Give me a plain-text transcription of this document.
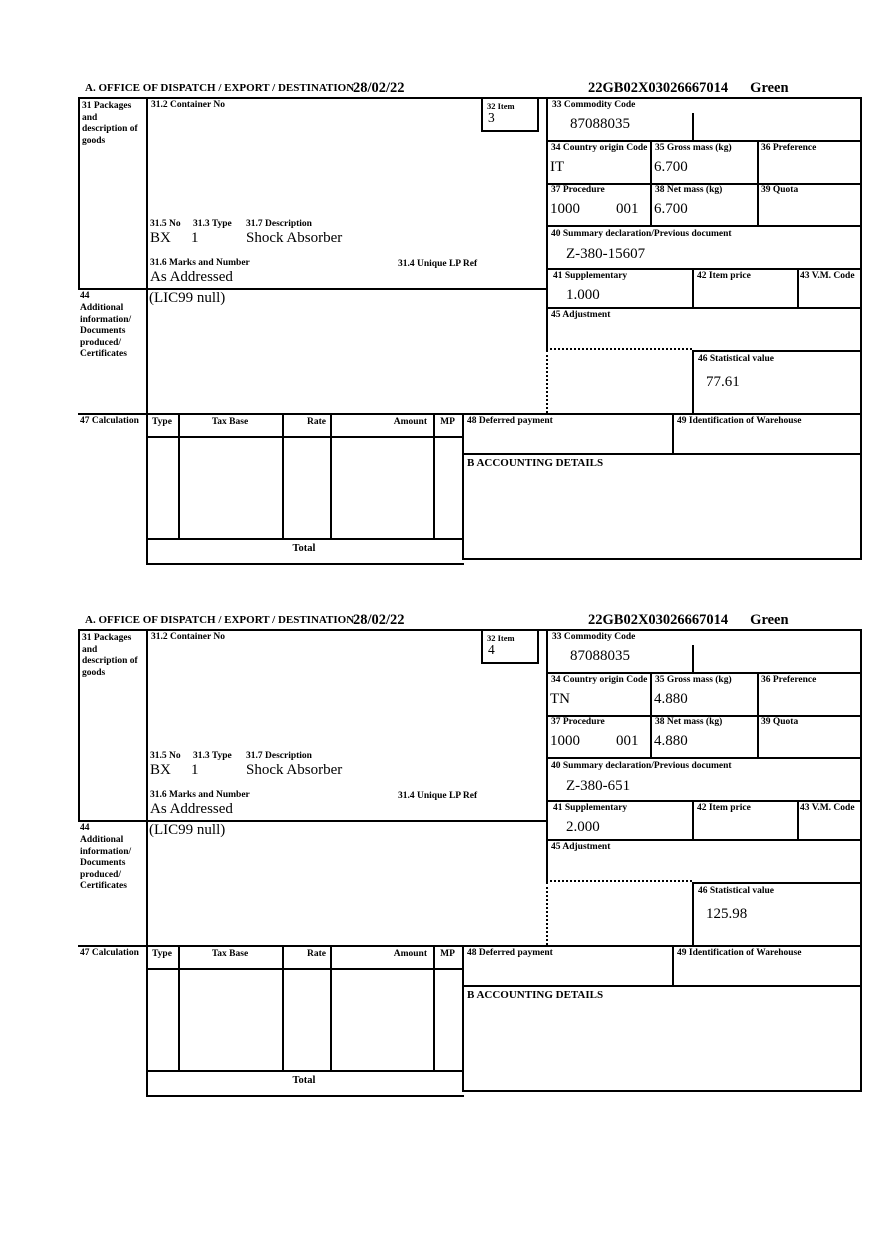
A. OFFICE OF DISPATCH / EXPORT / DESTINATION
28/02/22	22GB02X03026667014 Green
31 Packages and description of goods
44
Additional information/ Documents produced/ Certificates
47 Calculation
31.2 Container No	32 Item
3
31.5 No 31.3 Type 31.7 Description
BX 1	Shock Absorber
31.6 Marks and Number	31.4 Unique LP Ref
As Addressed
(LIC99 null)
33 Commodity Code
87088035
34 Country origin Code
IT
35 Gross mass (kg)
6.700
36 Preference
37 Procedure
1000 001
38 Net mass (kg)
6.700
39 Quota
40 Summary declaration/Previous document
Z-380-15607
41 Supplementary
1.000
42 Item price	43 V.M. Code
45 Adjustment
46 Statistical value
77.61
Type	Tax Base	Rate	Amount	MP
Total
48 Deferred payment	49 Identification of Warehouse
B ACCOUNTING DETAILS
A. OFFICE OF DISPATCH / EXPORT / DESTINATION
28/02/22	22GB02X03026667014 Green
31 Packages and description of goods
44
Additional information/ Documents produced/ Certificates
47 Calculation
31.2 Container No	32 Item
4
31.5 No 31.3 Type 31.7 Description
BX 1	Shock Absorber
31.6 Marks and Number	31.4 Unique LP Ref
As Addressed
(LIC99 null)
33 Commodity Code
87088035
34 Country origin Code
TN
35 Gross mass (kg)
4.880
36 Preference
37 Procedure
1000 001
38 Net mass (kg)
4.880
39 Quota
40 Summary declaration/Previous document
Z-380-651
41 Supplementary
2.000
42 Item price	43 V.M. Code
45 Adjustment
46 Statistical value
125.98
Type	Tax Base	Rate	Amount	MP
Total
48 Deferred payment	49 Identification of Warehouse
B ACCOUNTING DETAILS
